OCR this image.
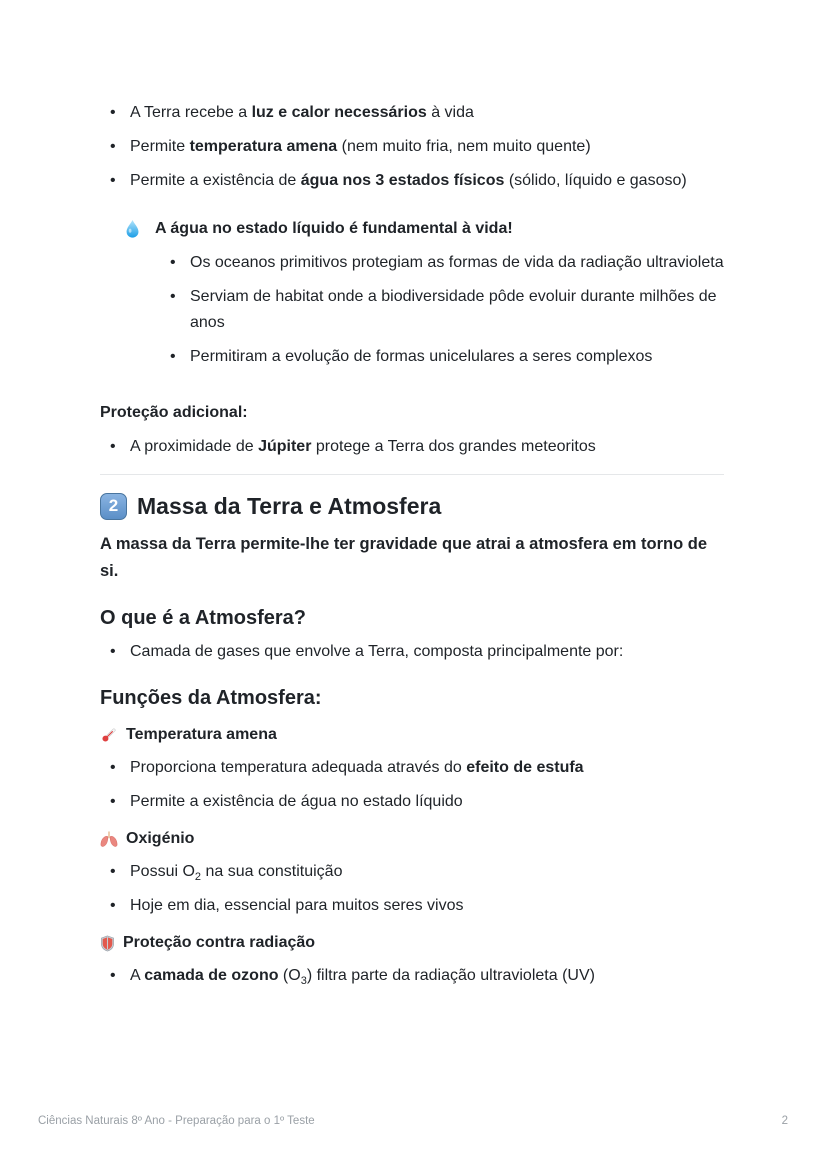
• A Terra recebe a luz e calor necessários à vida
• Permite temperatura amena (nem muito fria, nem muito quente)
• Permite a existência de água nos 3 estados físicos (sólido, líquido e gasoso)
A água no estado líquido é fundamental à vida!
• Os oceanos primitivos protegiam as formas de vida da radiação ultravioleta
• Serviam de habitat onde a biodiversidade pôde evoluir durante milhões de anos
• Permitiram a evolução de formas unicelulares a seres complexos

Proteção adicional:

• A proximidade de Júpiter protege a Terra dos grandes meteoritos
2 Massa da Terra e Atmosfera

A massa da Terra permite-lhe ter gravidade que atrai a atmosfera em torno de si.

O que é a Atmosfera?
• Camada de gases que envolve a Terra, composta principalmente por:
Funções da Atmosfera:

Temperatura amena

• Proporciona temperatura adequada através do efeito de estufa
• Permite a existência de água no estado líquido

Oxigénio

• Possui $O_2$ na sua constituição
• Hoje em dia, essencial para muitos seres vivos

Proteção contra radiação

• A camada de ozono $(O_3)$ filtra parte da radiação ultravioleta (UV)
Ciências Naturais 8º Ano - Preparação para o 1º Teste	2
